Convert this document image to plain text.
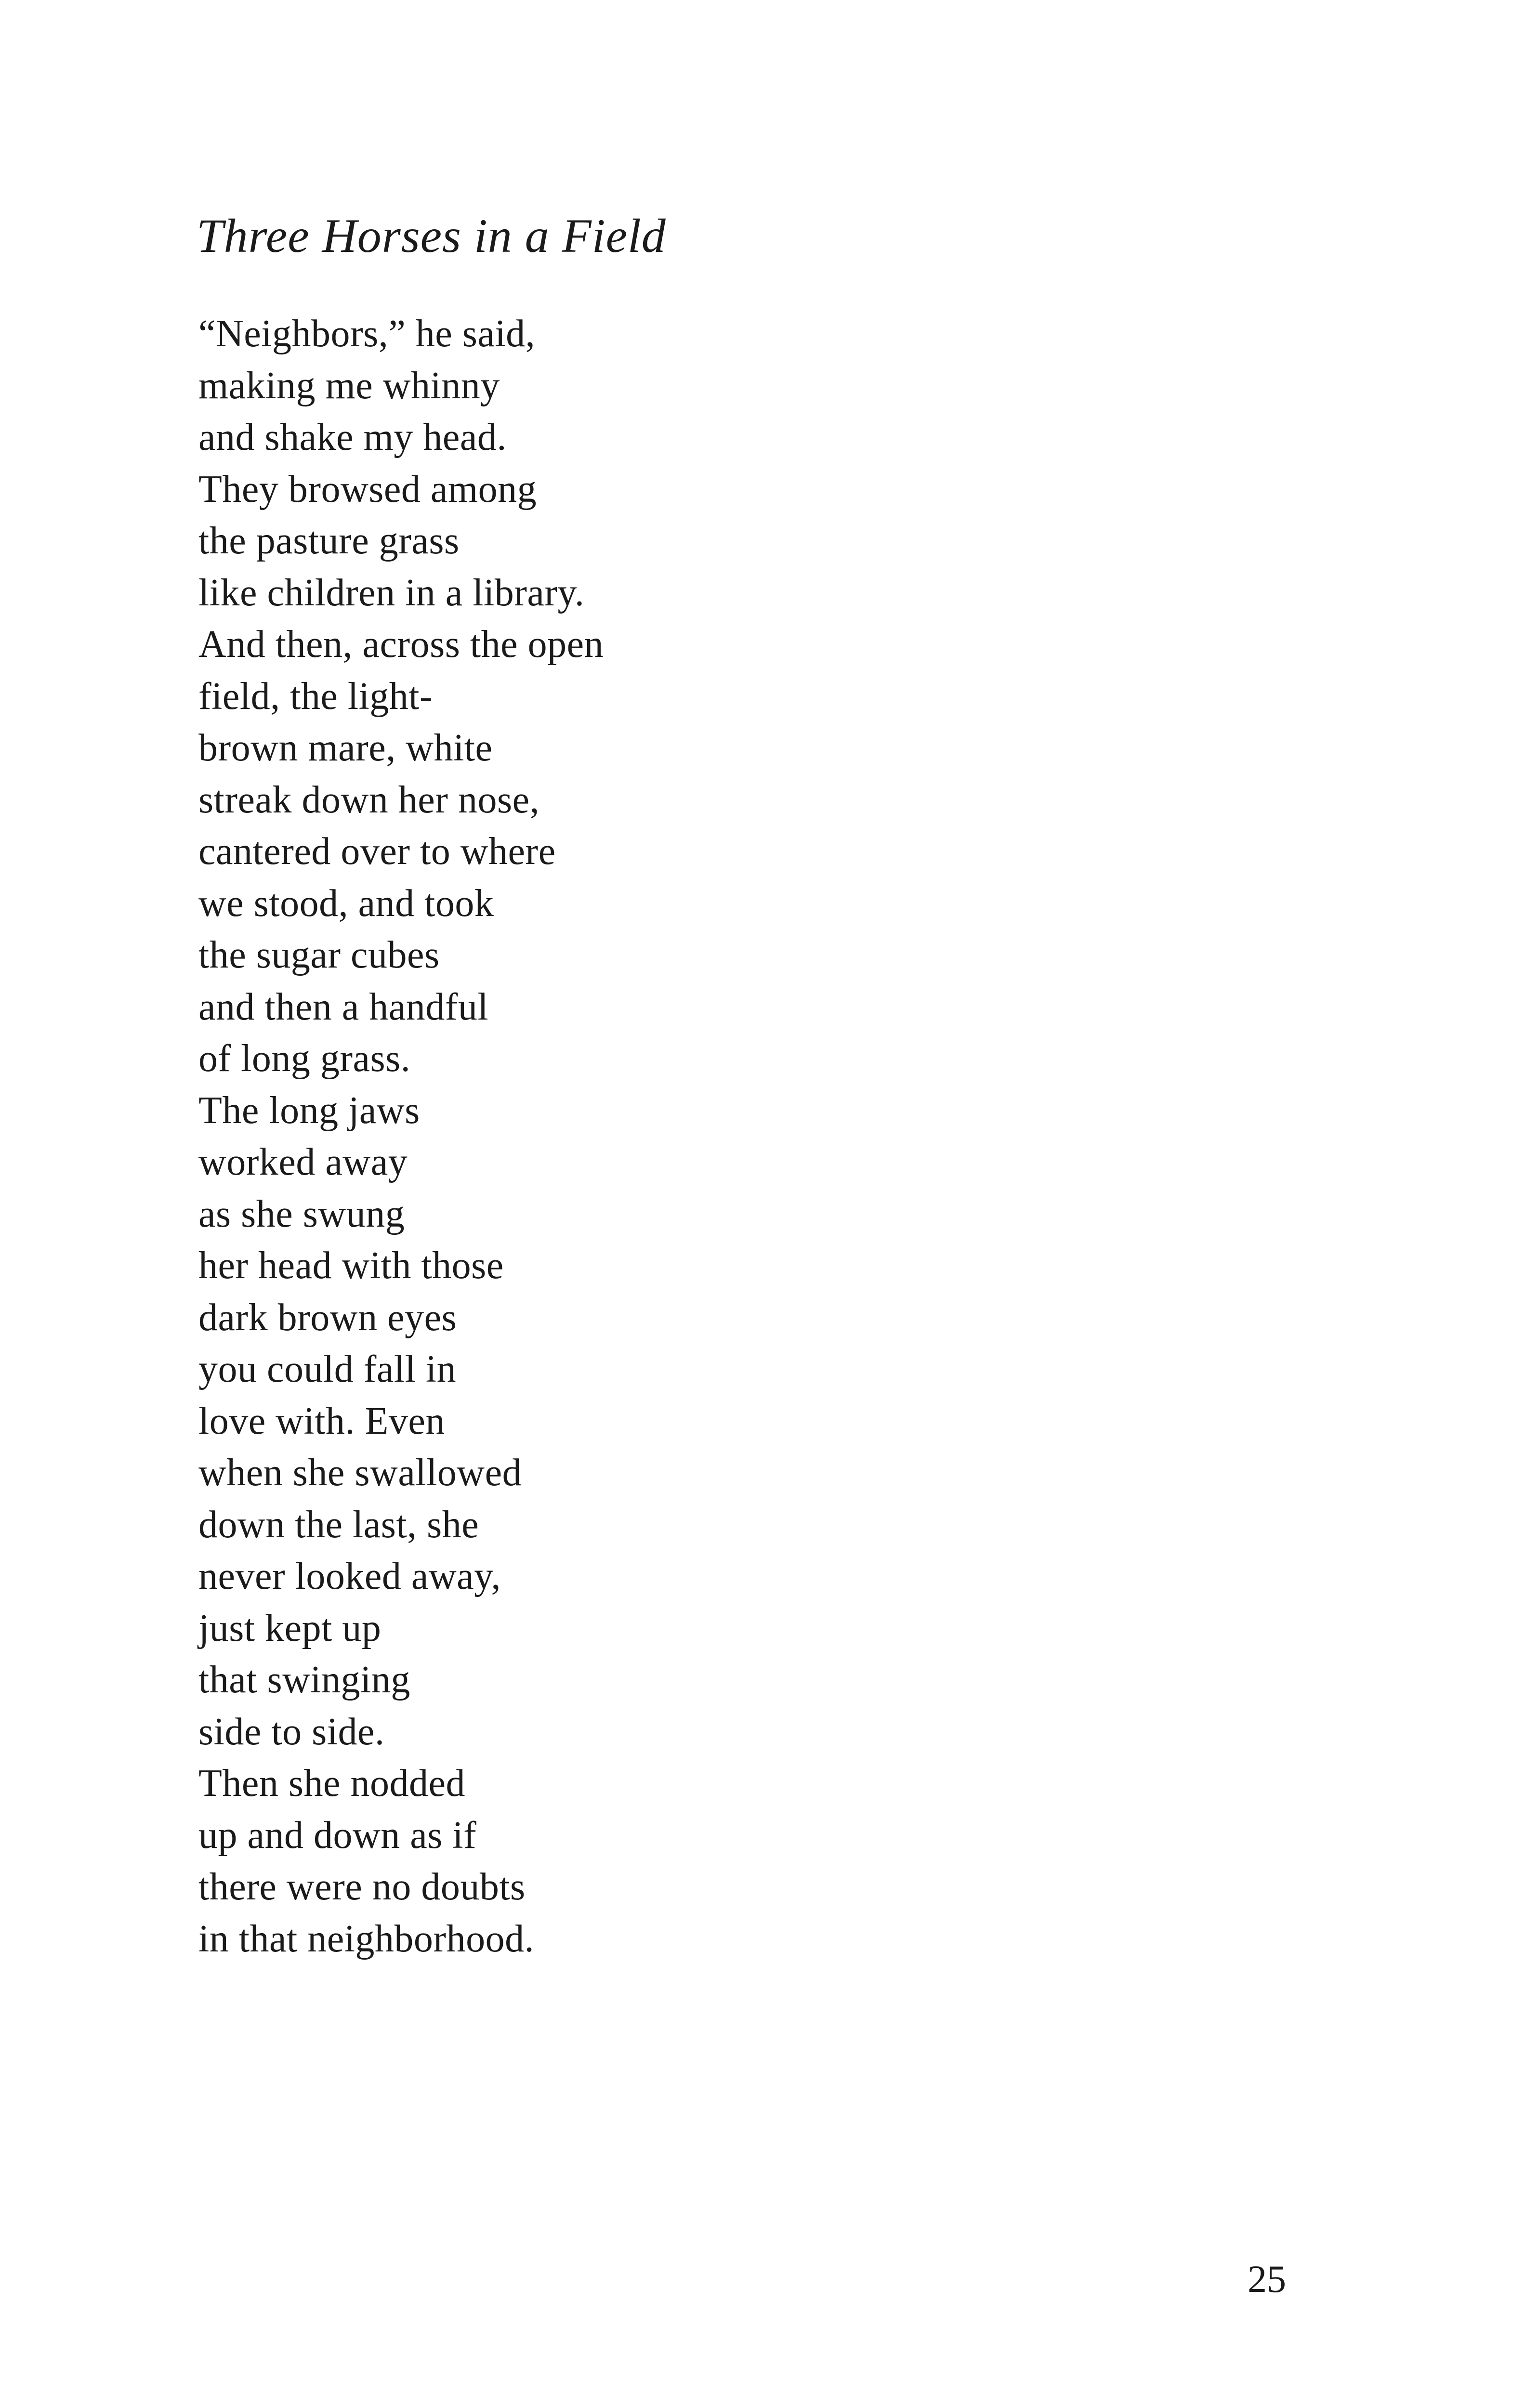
Three Horses in a Field
“Neighbors,” he said,
making me whinny
and shake my head.
They browsed among
the pasture grass
like children in a library.
And then, across the open
field, the light-
brown mare, white
streak down her nose,
cantered over to where
we stood, and took
the sugar cubes
and then a handful
of long grass.
The long jaws
worked away
as she swung
her head with those
dark brown eyes
you could fall in
love with. Even
when she swallowed
down the last, she
never looked away,
just kept up
that swinging
side to side.
Then she nodded
up and down as if
there were no doubts
in that neighborhood.

25
